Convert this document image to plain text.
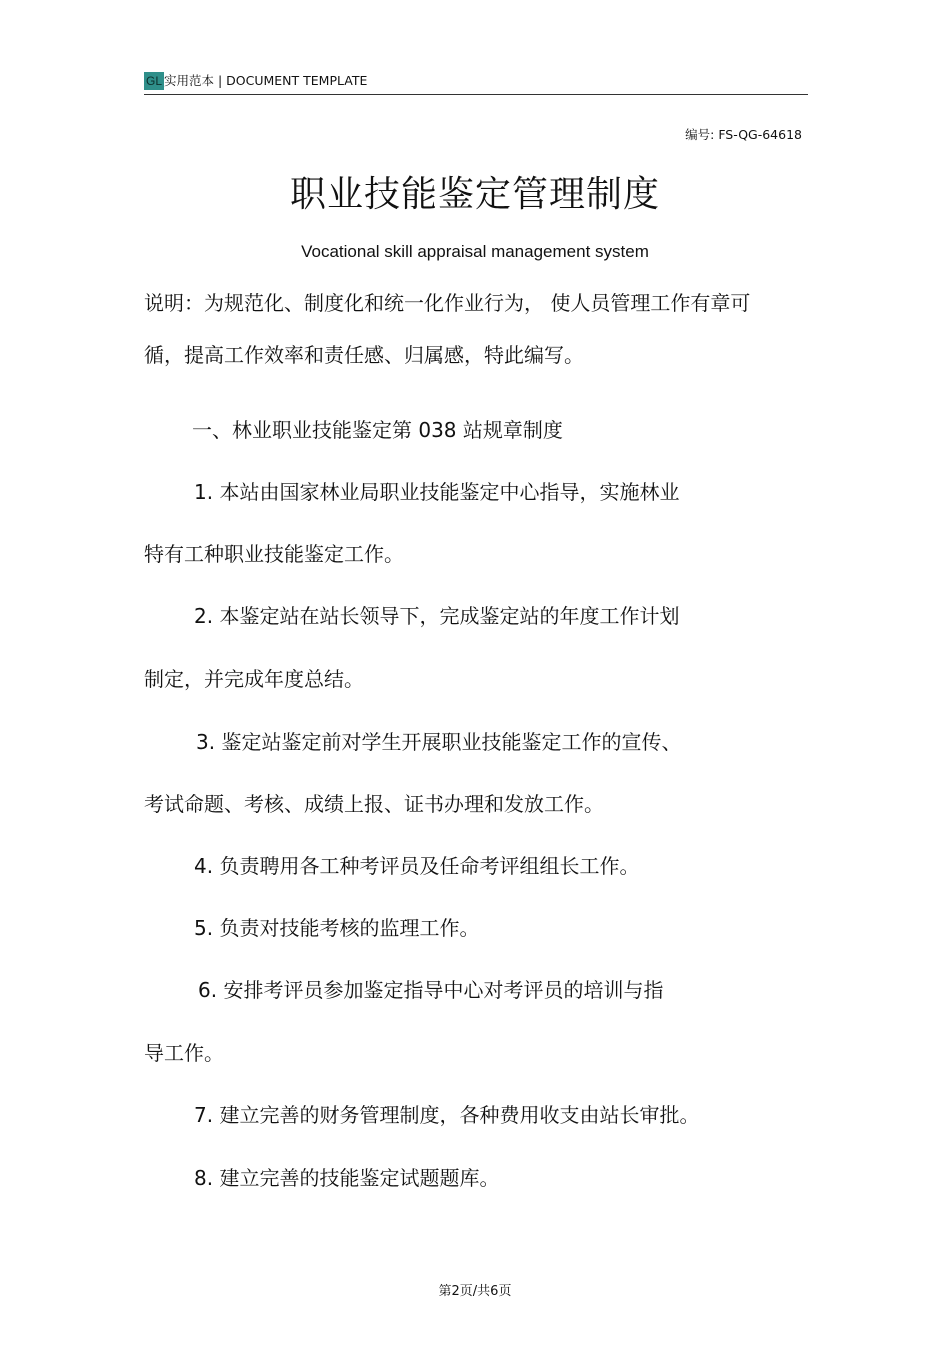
GL 实用范本 | DOCUMENT TEMPLATE
编号: FS-QG-64618
职业技能鉴定管理制度
Vocational skill appraisal management system
说明：为规范化、制度化和统一化作业行为， 使人员管理工作有章可
循，提高工作效率和责任感、归属感，特此编写。
一、林业职业技能鉴定第 038 站规章制度
1. 本站由国家林业局职业技能鉴定中心指导，实施林业
特有工种职业技能鉴定工作。
2. 本鉴定站在站长领导下，完成鉴定站的年度工作计划
制定，并完成年度总结。
3. 鉴定站鉴定前对学生开展职业技能鉴定工作的宣传、
考试命题、考核、成绩上报、证书办理和发放工作。
4. 负责聘用各工种考评员及任命考评组组长工作。
5. 负责对技能考核的监理工作。
6. 安排考评员参加鉴定指导中心对考评员的培训与指
导工作。
7. 建立完善的财务管理制度，各种费用收支由站长审批。
8. 建立完善的技能鉴定试题题库。
第2页/共6页
